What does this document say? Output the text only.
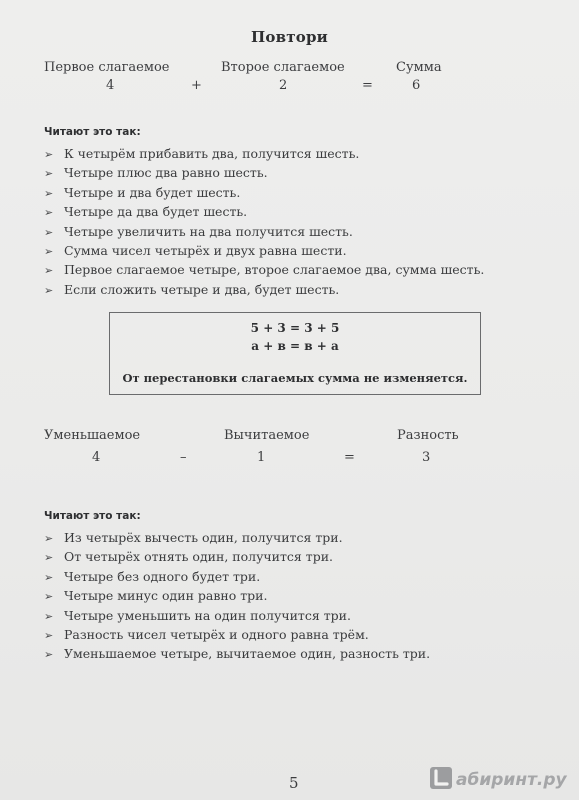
Повтори
Первое слагаемое	Второе слагаемое	Сумма
4	+	2	=	6
Читают это так:
➢ К четырём прибавить два, получится шесть.
➢ Четыре плюс два равно шесть.
➢ Четыре и два будет шесть.
➢ Четыре да два будет шесть.
➢ Четыре увеличить на два получится шесть.
➢ Сумма чисел четырёх и двух равна шести.
➢ Первое слагаемое четыре, второе слагаемое два, сумма шесть.
➢ Если сложить четыре и два, будет шесть.
5 + 3 = 3 + 5
а + в = в + а
От перестановки слагаемых сумма не изменяется.
Уменьшаемое	Вычитаемое	Разность
4	–	1	=	3
Читают это так:
➢ Из четырёх вычесть один, получится три.
➢ От четырёх отнять один, получится три.
➢ Четыре без одного будет три.
➢ Четыре минус один равно три.
➢ Четыре уменьшить на один получится три.
➢ Разность чисел четырёх и одного равна трём.
➢ Уменьшаемое четыре, вычитаемое один, разность три.
5	абиринт.ру
